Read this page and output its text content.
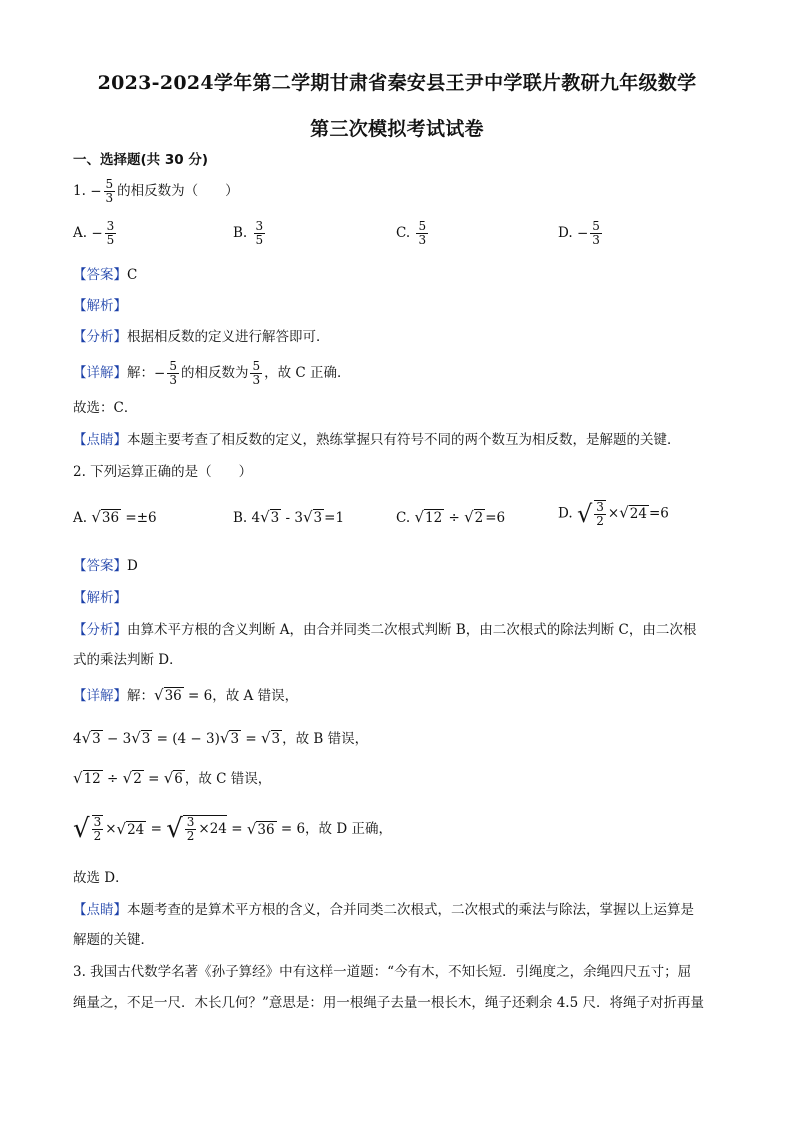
2023-2024学年第二学期甘肃省秦安县王尹中学联片教研九年级数学
第三次模拟考试试卷
一、选择题(共 30 分)
1. − $\frac{5}{3}$ 的相反数为（　　）
A. − $\frac{3}{5}$	B. $\frac{3}{5}$	C. $\frac{5}{3}$	D. − $\frac{5}{3}$
【答案】C
【解析】
【分析】根据相反数的定义进行解答即可．
【详解】解：− $\frac{5}{3}$ 的相反数为 $\frac{5}{3}$ ，故 C 正确．
故选：C．
【点睛】本题主要考查了相反数的定义，熟练掌握只有符号不同的两个数互为相反数，是解题的关键．
2. 下列运算正确的是（　　）
A. √36 =±6	B. 4√3 - 3√3 =1	C. √12 ÷ √2 =6	D. √ $\frac{3}{2} \times√24 =6$
【答案】D
【解析】
【分析】由算术平方根的含义判断 A，由合并同类二次根式判断 B，由二次根式的除法判断 C，由二次根
式的乘法判断 D．
【详解】解：√36 = 6，故 A 错误，
4√3 − 3√3 = (4 − 3)√3 = √3 ，故 B 错误，
√12 ÷ √2 = √6 ，故 C 错误，
√ $\frac{3}{2} \times√24$ = √ $\frac{3}{2} \times 24 = √36 = 6$，故 D 正确，
故选 D．
【点睛】本题考查的是算术平方根的含义，合并同类二次根式，二次根式的乘法与除法，掌握以上运算是
解题的关键．
3. 我国古代数学名著《孙子算经》中有这样一道题：“今有木，不知长短．引绳度之，余绳四尺五寸；屈
绳量之，不足一尺．木长几何？”意思是：用一根绳子去量一根长木，绳子还剩余 4.5 尺．将绳子对折再量
